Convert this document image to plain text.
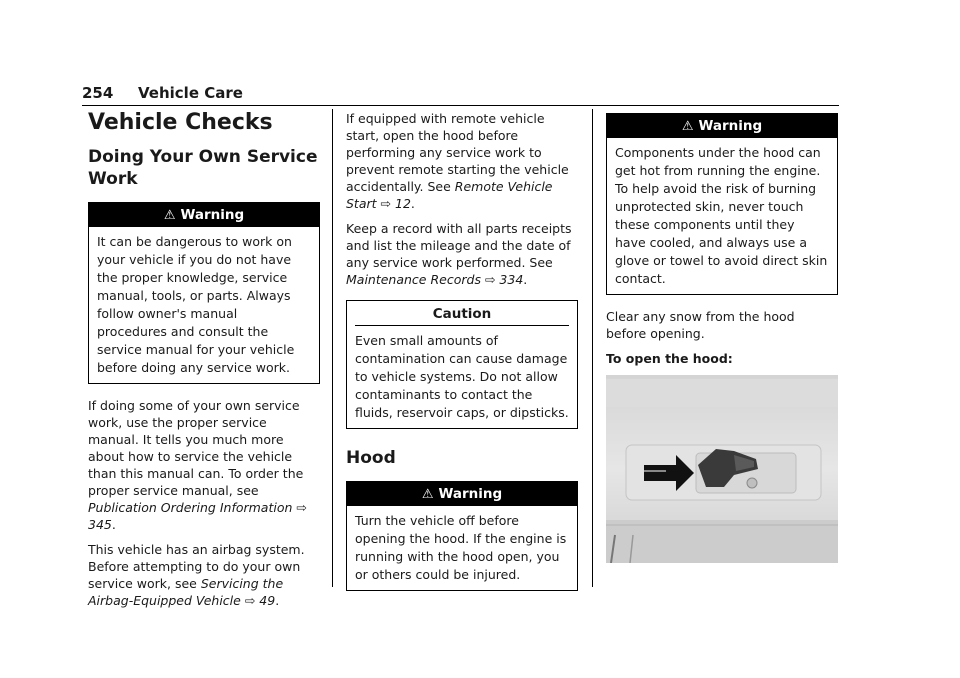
254 Vehicle Care
Vehicle Checks
Doing Your Own Service Work
⚠ Warning
It can be dangerous to work on your vehicle if you do not have the proper knowledge, service manual, tools, or parts. Always follow owner's manual procedures and consult the service manual for your vehicle before doing any service work.

If doing some of your own service work, use the proper service manual. It tells you much more about how to service the vehicle than this manual can. To order the proper service manual, see Publication Ordering Information ⇨ 345.

This vehicle has an airbag system. Before attempting to do your own service work, see Servicing the Airbag-Equipped Vehicle ⇨ 49.

If equipped with remote vehicle start, open the hood before performing any service work to prevent remote starting the vehicle accidentally. See Remote Vehicle Start ⇨ 12.

Keep a record with all parts receipts and list the mileage and the date of any service work performed. See Maintenance Records ⇨ 334.

Caution
Even small amounts of contamination can cause damage to vehicle systems. Do not allow contaminants to contact the fluids, reservoir caps, or dipsticks.
Hood
⚠ Warning
Turn the vehicle off before opening the hood. If the engine is running with the hood open, you or others could be injured.
⚠ Warning
Components under the hood can get hot from running the engine. To help avoid the risk of burning unprotected skin, never touch these components until they have cooled, and always use a glove or towel to avoid direct skin contact.

Clear any snow from the hood before opening.

To open the hood:
